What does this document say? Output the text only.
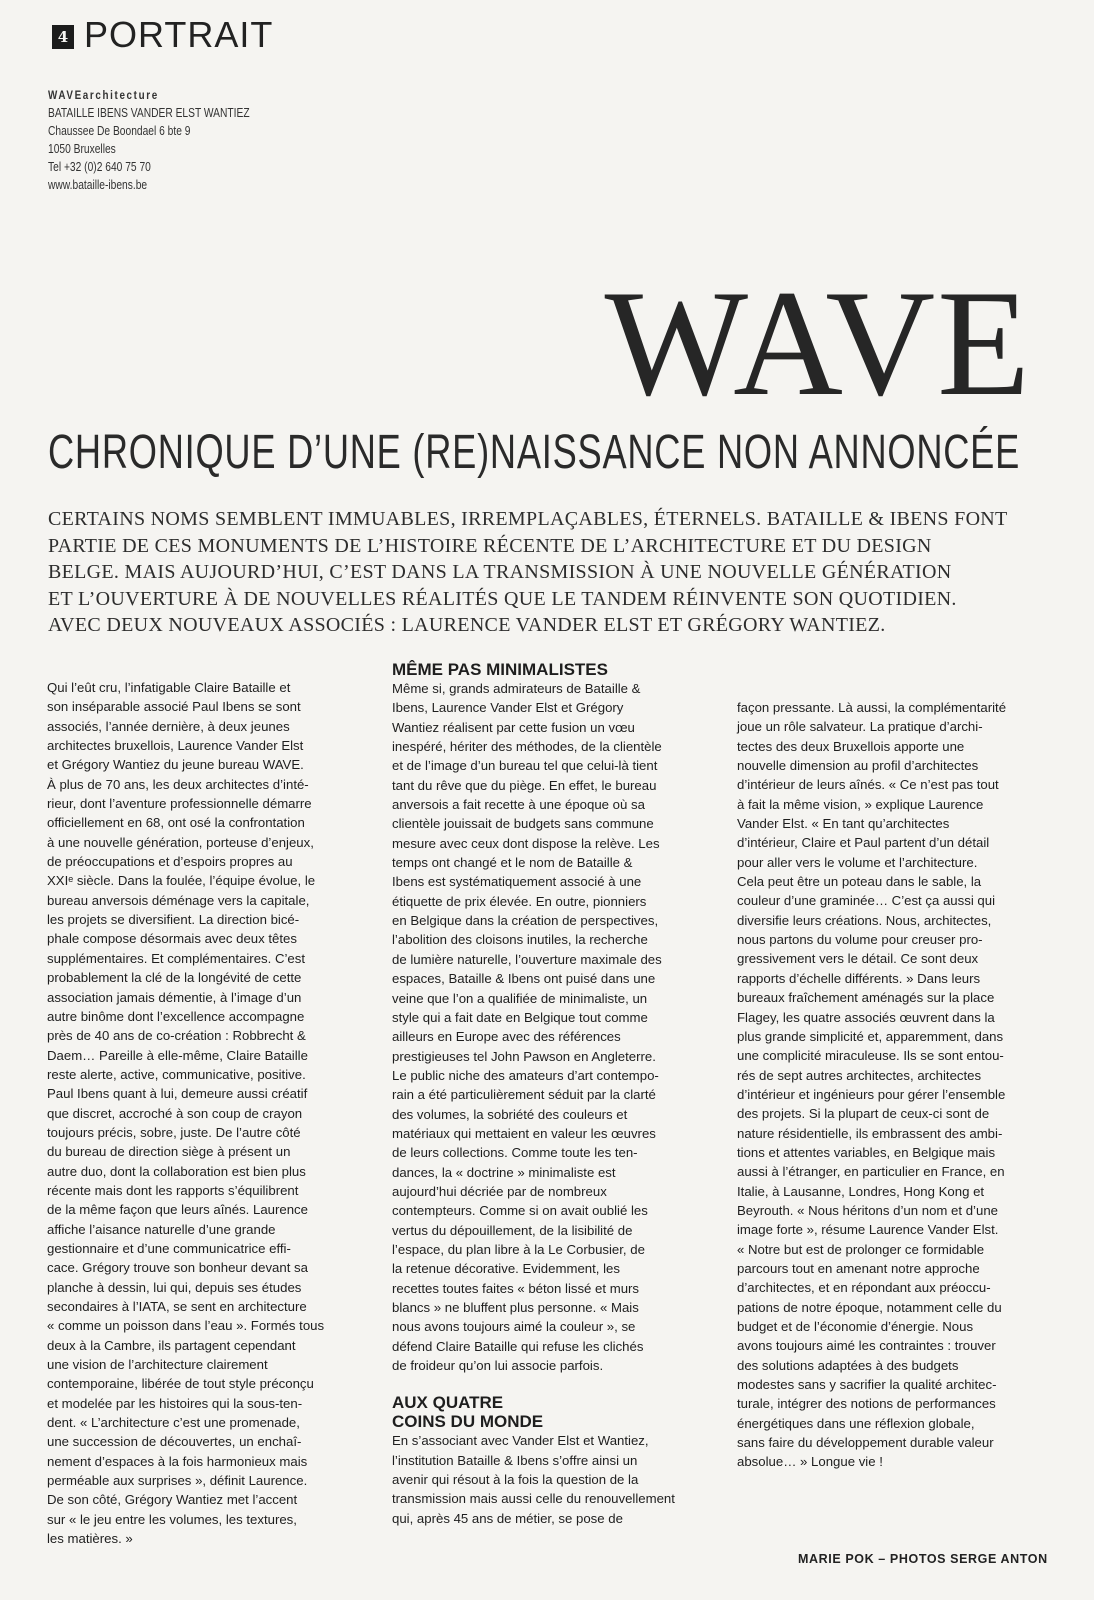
4 PORTRAIT
WAVEarchitecture
BATAILLE IBENS VANDER ELST WANTIEZ
Chaussee De Boondael 6 bte 9
1050 Bruxelles
Tel +32 (0)2 640 75 70
www.bataille-ibens.be
WAVE
CHRONIQUE D’UNE (RE)NAISSANCE NON ANNONCÉE

CERTAINS NOMS SEMBLENT IMMUABLES, IRREMPLAÇABLES, ÉTERNELS. BATAILLE & IBENS FONT

PARTIE DE CES MONUMENTS DE L’HISTOIRE RÉCENTE DE L’ARCHITECTURE ET DU DESIGN

BELGE. MAIS AUJOURD’HUI, C’EST DANS LA TRANSMISSION À UNE NOUVELLE GÉNÉRATION

ET L’OUVERTURE À DE NOUVELLES RÉALITÉS QUE LE TANDEM RÉINVENTE SON QUOTIDIEN.

AVEC DEUX NOUVEAUX ASSOCIÉS : LAURENCE VANDER ELST ET GRÉGORY WANTIEZ.

Qui l’eût cru, l’infatigable Claire Bataille et

son inséparable associé Paul Ibens se sont

associés, l’année dernière, à deux jeunes

architectes bruxellois, Laurence Vander Elst

et Grégory Wantiez du jeune bureau WAVE.

À plus de 70 ans, les deux architectes d’inté-

rieur, dont l’aventure professionnelle démarre

officiellement en 68, ont osé la confrontation

à une nouvelle génération, porteuse d’enjeux,

de préoccupations et d’espoirs propres au

XXIᵉ siècle. Dans la foulée, l’équipe évolue, le

bureau anversois déménage vers la capitale,

les projets se diversifient. La direction bicé-

phale compose désormais avec deux têtes

supplémentaires. Et complémentaires. C’est

probablement la clé de la longévité de cette

association jamais démentie, à l’image d’un

autre binôme dont l’excellence accompagne

près de 40 ans de co-création : Robbrecht &

Daem… Pareille à elle-même, Claire Bataille

reste alerte, active, communicative, positive.

Paul Ibens quant à lui, demeure aussi créatif

que discret, accroché à son coup de crayon

toujours précis, sobre, juste. De l’autre côté

du bureau de direction siège à présent un

autre duo, dont la collaboration est bien plus

récente mais dont les rapports s’équilibrent

de la même façon que leurs aînés. Laurence

affiche l’aisance naturelle d’une grande

gestionnaire et d’une communicatrice effi-

cace. Grégory trouve son bonheur devant sa

planche à dessin, lui qui, depuis ses études

secondaires à l’IATA, se sent en architecture

« comme un poisson dans l’eau ». Formés tous

deux à la Cambre, ils partagent cependant

une vision de l’architecture clairement

contemporaine, libérée de tout style préconçu

et modelée par les histoires qui la sous-ten-

dent. « L’architecture c’est une promenade,

une succession de découvertes, un enchaî-

nement d’espaces à la fois harmonieux mais

perméable aux surprises », définit Laurence.

De son côté, Grégory Wantiez met l’accent

sur « le jeu entre les volumes, les textures,

les matières. »

MÊME PAS MINIMALISTES

Même si, grands admirateurs de Bataille &

Ibens, Laurence Vander Elst et Grégory

Wantiez réalisent par cette fusion un vœu

inespéré, hériter des méthodes, de la clientèle

et de l’image d’un bureau tel que celui-là tient

tant du rêve que du piège. En effet, le bureau

anversois a fait recette à une époque où sa

clientèle jouissait de budgets sans commune

mesure avec ceux dont dispose la relève. Les

temps ont changé et le nom de Bataille &

Ibens est systématiquement associé à une

étiquette de prix élevée. En outre, pionniers

en Belgique dans la création de perspectives,

l’abolition des cloisons inutiles, la recherche

de lumière naturelle, l’ouverture maximale des

espaces, Bataille & Ibens ont puisé dans une

veine que l’on a qualifiée de minimaliste, un

style qui a fait date en Belgique tout comme

ailleurs en Europe avec des références

prestigieuses tel John Pawson en Angleterre.

Le public niche des amateurs d’art contempo-

rain a été particulièrement séduit par la clarté

des volumes, la sobriété des couleurs et

matériaux qui mettaient en valeur les œuvres

de leurs collections. Comme toute les ten-

dances, la « doctrine » minimaliste est

aujourd’hui décriée par de nombreux

contempteurs. Comme si on avait oublié les

vertus du dépouillement, de la lisibilité de

l’espace, du plan libre à la Le Corbusier, de

la retenue décorative. Evidemment, les

recettes toutes faites « béton lissé et murs

blancs » ne bluffent plus personne. « Mais

nous avons toujours aimé la couleur », se

défend Claire Bataille qui refuse les clichés

de froideur qu’on lui associe parfois.

AUX QUATRE
COINS DU MONDE

En s’associant avec Vander Elst et Wantiez,

l’institution Bataille & Ibens s’offre ainsi un

avenir qui résout à la fois la question de la

transmission mais aussi celle du renouvellement

qui, après 45 ans de métier, se pose de

façon pressante. Là aussi, la complémentarité

joue un rôle salvateur. La pratique d’archi-

tectes des deux Bruxellois apporte une

nouvelle dimension au profil d’architectes

d’intérieur de leurs aînés. « Ce n’est pas tout

à fait la même vision, » explique Laurence

Vander Elst. « En tant qu’architectes

d’intérieur, Claire et Paul partent d’un détail

pour aller vers le volume et l’architecture.

Cela peut être un poteau dans le sable, la

couleur d’une graminée… C’est ça aussi qui

diversifie leurs créations. Nous, architectes,

nous partons du volume pour creuser pro-

gressivement vers le détail. Ce sont deux

rapports d’échelle différents. » Dans leurs

bureaux fraîchement aménagés sur la place

Flagey, les quatre associés œuvrent dans la

plus grande simplicité et, apparemment, dans

une complicité miraculeuse. Ils se sont entou-

rés de sept autres architectes, architectes

d’intérieur et ingénieurs pour gérer l’ensemble

des projets. Si la plupart de ceux-ci sont de

nature résidentielle, ils embrassent des ambi-

tions et attentes variables, en Belgique mais

aussi à l’étranger, en particulier en France, en

Italie, à Lausanne, Londres, Hong Kong et

Beyrouth. « Nous héritons d’un nom et d’une

image forte », résume Laurence Vander Elst.

« Notre but est de prolonger ce formidable

parcours tout en amenant notre approche

d’architectes, et en répondant aux préoccu-

pations de notre époque, notamment celle du

budget et de l’économie d’énergie. Nous

avons toujours aimé les contraintes : trouver

des solutions adaptées à des budgets

modestes sans y sacrifier la qualité architec-

turale, intégrer des notions de performances

énergétiques dans une réflexion globale,

sans faire du développement durable valeur

absolue… » Longue vie !

MARIE POK – PHOTOS SERGE ANTON
